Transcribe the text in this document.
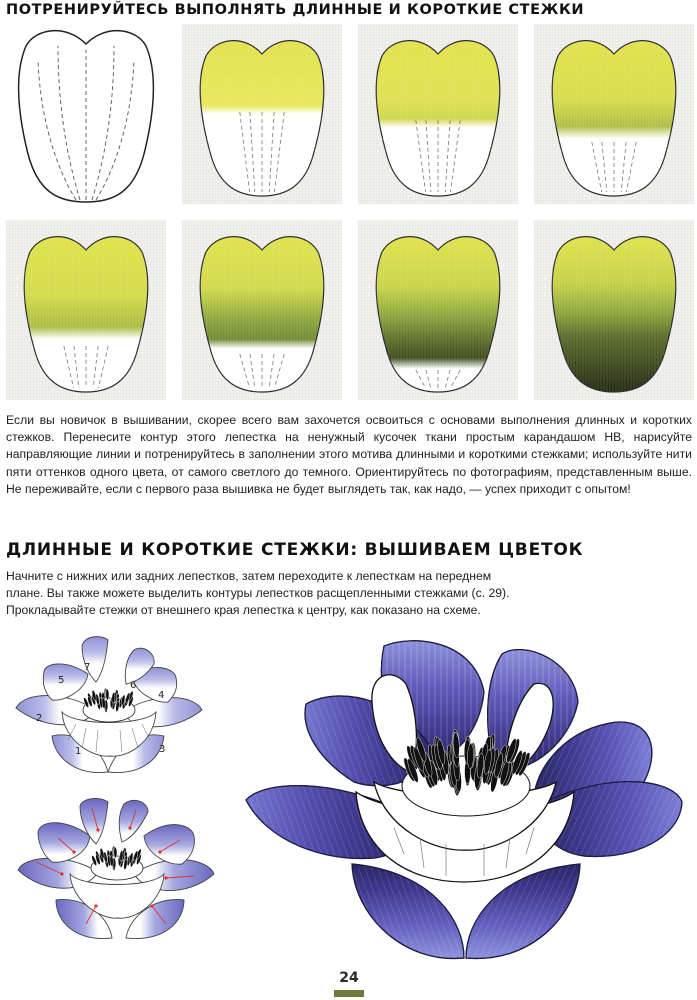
ПОТРЕНИРУЙТЕСЬ ВЫПОЛНЯТЬ ДЛИННЫЕ И КОРОТКИЕ СТЕЖКИ

Если вы новичок в вышивании, скорее всего вам захочется освоиться с основами выполнения длинных и коротких стежков. Перенесите контур этого лепестка на ненужный кусочек ткани простым карандашом НВ, нарисуйте направляющие линии и потренируйтесь в заполнении этого мотива длинными и короткими стежками; используйте нити пяти оттенков одного цвета, от самого светлого до темного. Ориентируйтесь по фотографиям, представленным выше. Не переживайте, если с первого раза вышивка не будет выглядеть так, как надо, — успех приходит с опытом!

ДЛИННЫЕ И КОРОТКИЕ СТЕЖКИ: ВЫШИВАЕМ ЦВЕТОК

Начните с нижних или задних лепестков, затем переходите к лепесткам на переднем

плане. Вы также можете выделить контуры лепестков расщепленными стежками (с. 29).

Прокладывайте стежки от внешнего края лепестка к центру, как показано на схеме.

1
2
3
4
5	6
7
24
